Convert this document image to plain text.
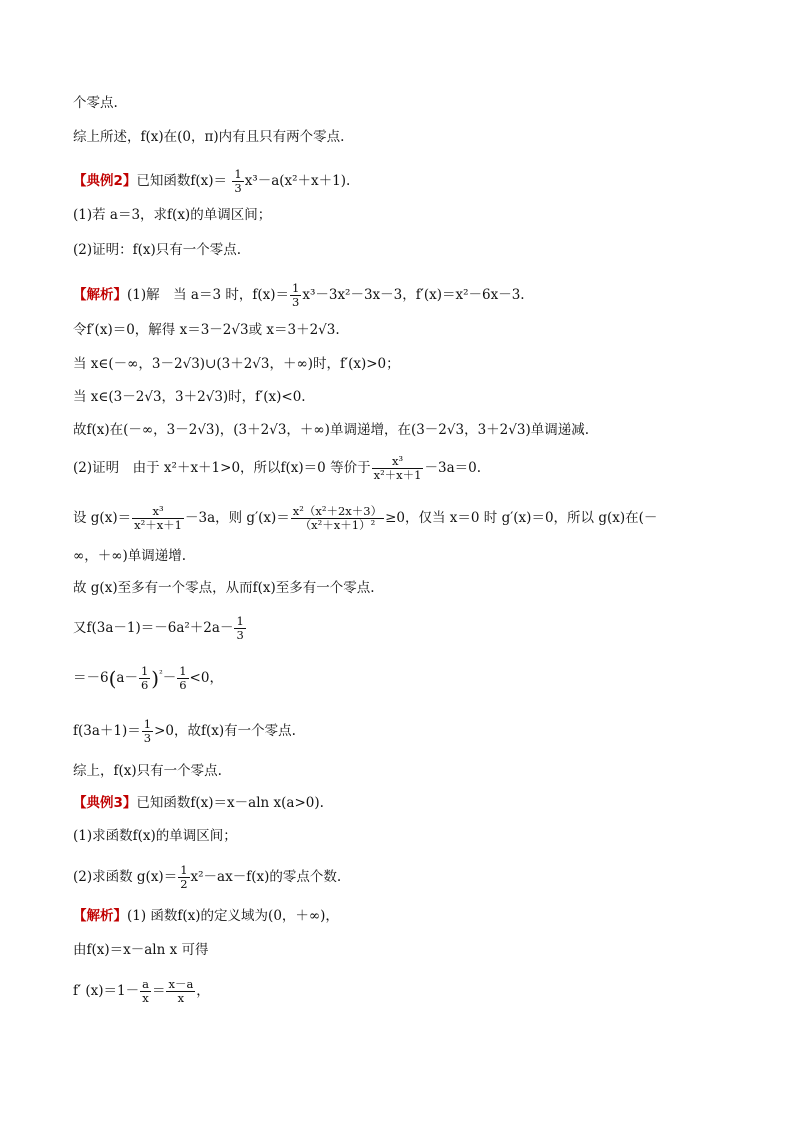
个零点.
综上所述，f(x)在(0，π)内有且只有两个零点.
【典例2】已知函数$f(x)= \frac{1}{3} x^3-a(x^2+x+1)$.
(1)若 a＝3，求f(x)的单调区间；
(2)证明：f(x)只有一个零点.
【解析】(1)解　当 a＝3 时，$f(x)= \frac{1}{3} x^3-3x^2-3x-3$，f′(x)＝x²－6x－3.
令f′(x)＝0，解得 x＝3－2√3或 x＝3＋2√3.
当 x∈(－∞，3－2√3)∪(3＋2√3，＋∞)时，f′(x)>0；
当 x∈(3－2√3，3＋2√3)时，f′(x)<0.
故f(x)在(－∞，3－2√3)，(3＋2√3，＋∞)单调递增，在(3－2√3，3＋2√3)单调递减.
(2)证明　由于 x²＋x＋1>0，所以f(x)＝0 等价于 $\frac{\text{x³}}{\text{x²＋x＋1}} -3a=0$.
设 $g(x)= \frac{\text{x³}}{\text{x²＋x＋1}} -3a$，则 $g'(x)= \frac{\text{x²（x²＋2x＋3）}}{\text{（x²＋x＋1）²}} \ge 0$，仅当 x＝0 时 g′(x)＝0，所以 g(x)在(－
∞，＋∞)单调递增.
故 g(x)至多有一个零点，从而f(x)至多有一个零点.
又$f(3a-1)=-6a^2+2a- \frac{1}{3}$
$=-6(a- \frac{1}{6} )^{^2}- \frac{1}{6} <0$，
$f(3a+1)= \frac{1}{3} >0$，故f(x)有一个零点.
综上，f(x)只有一个零点.
【典例3】已知函数f(x)＝x－aln x(a>0).
(1)求函数f(x)的单调区间；
(2)求函数 $g(x)= \frac{1}{2} x^2-ax-f(x)$的零点个数.
【解析】(1) 函数f(x)的定义域为(0，＋∞)，
由f(x)＝x－aln x 可得
f′ $(x)=1- \frac{a}{x} = \frac{x-a}{x}$ ，
